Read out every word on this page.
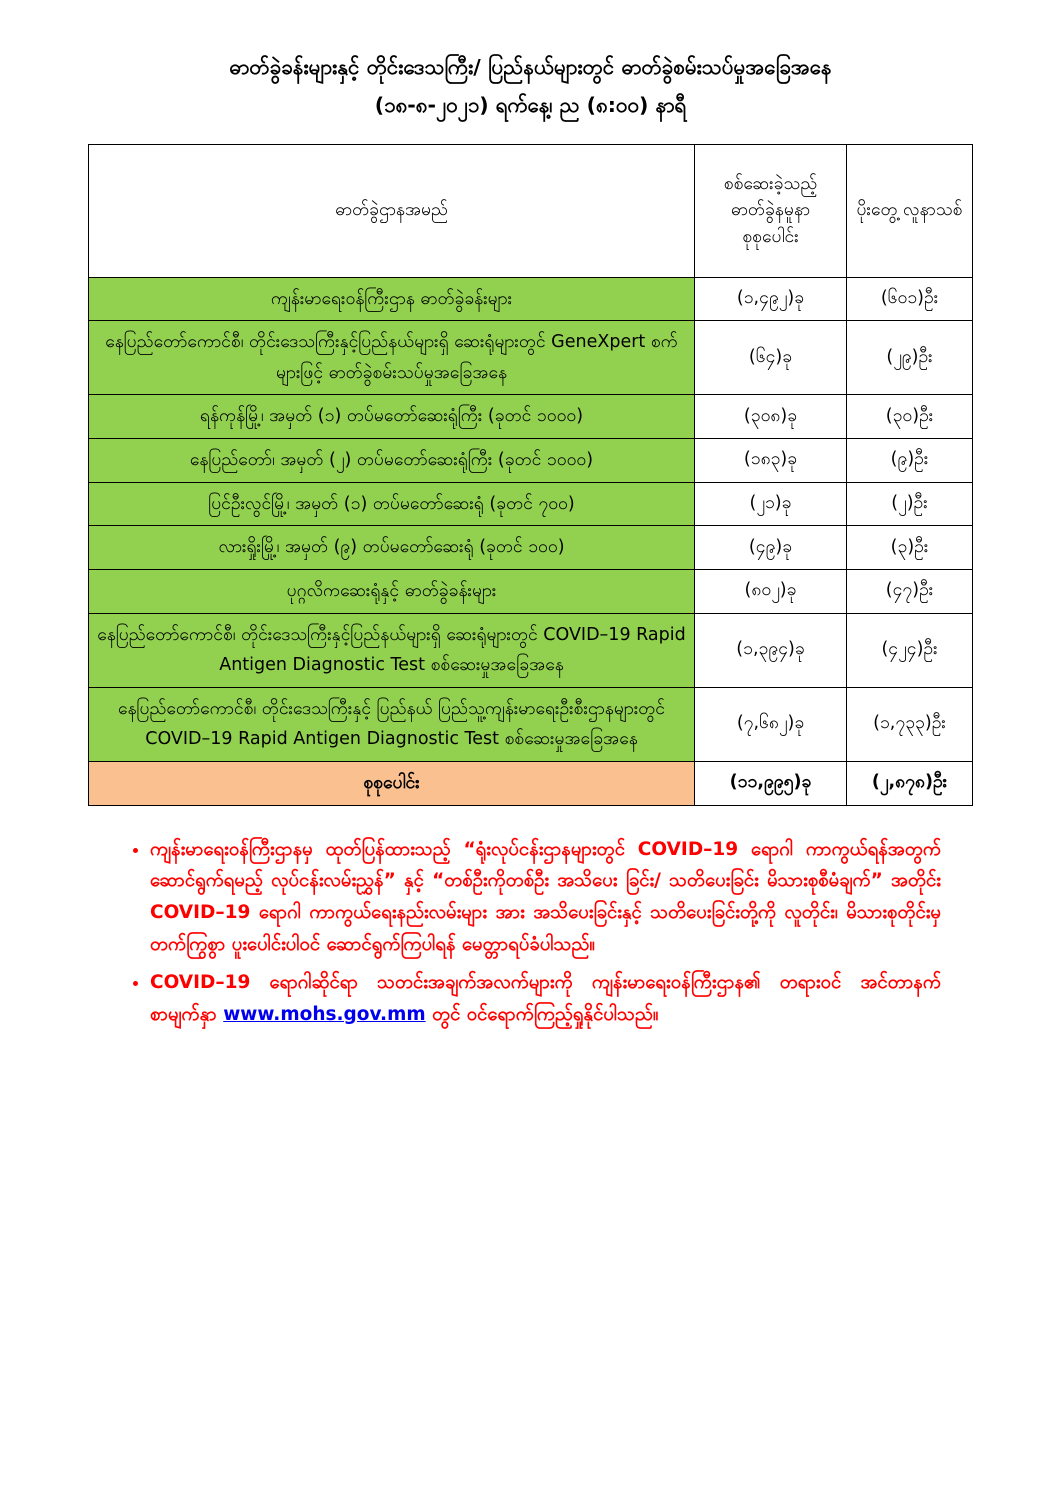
ဓာတ်ခွဲခန်းများနှင့် တိုင်းဒေသကြီး/ ပြည်နယ်များတွင် ဓာတ်ခွဲစမ်းသပ်မှုအခြေအနေ
(၁၈-၈-၂၀၂၁) ရက်နေ့၊ ည (၈:၀၀) နာရီ
ဓာတ်ခွဲဌာနအမည်	စစ်ဆေးခဲ့သည့် ဓာတ်ခွဲနမူနာ စုစုပေါင်း	ပိုးတွေ့ လူနာသစ်
ကျန်းမာရေးဝန်ကြီးဌာန ဓာတ်ခွဲခန်းများ	(၁,၄၉၂)ခု	(၆၀၁)ဦး
နေပြည်တော်ကောင်စီ၊ တိုင်းဒေသကြီးနှင့်ပြည်နယ်များရှိ ဆေးရုံများတွင် GeneXpert စက်များဖြင့် ဓာတ်ခွဲစမ်းသပ်မှုအခြေအနေ	(၆၄)ခု	(၂၉)ဦး
ရန်ကုန်မြို့၊ အမှတ် (၁) တပ်မတော်ဆေးရုံကြီး (ခုတင် ၁၀၀၀)	(၃၀၈)ခု	(၃၀)ဦး
နေပြည်တော်၊ အမှတ် (၂) တပ်မတော်ဆေးရုံကြီး (ခုတင် ၁၀၀၀)	(၁၈၃)ခု	(၉)ဦး
ပြင်ဦးလွင်မြို့၊ အမှတ် (၁) တပ်မတော်ဆေးရုံ (ခုတင် ၇၀၀)	(၂၁)ခု	(၂)ဦး
လားရှိုးမြို့၊ အမှတ် (၉) တပ်မတော်ဆေးရုံ (ခုတင် ၁၀၀)	(၄၉)ခု	(၃)ဦး
ပုဂ္ဂလိကဆေးရုံနှင့် ဓာတ်ခွဲခန်းများ	(၈၀၂)ခု	(၄၇)ဦး
နေပြည်တော်ကောင်စီ၊ တိုင်းဒေသကြီးနှင့်ပြည်နယ်များရှိ ဆေးရုံများတွင် COVID–19 Rapid Antigen Diagnostic Test စစ်ဆေးမှုအခြေအနေ	(၁,၃၉၄)ခု	(၄၂၄)ဦး
နေပြည်တော်ကောင်စီ၊ တိုင်းဒေသကြီးနှင့် ပြည်နယ် ပြည်သူ့ကျန်းမာရေးဦးစီးဌာနများတွင် COVID–19 Rapid Antigen Diagnostic Test စစ်ဆေးမှုအခြေအနေ	(၇,၆၈၂)ခု	(၁,၇၃၃)ဦး
စုစုပေါင်း	(၁၁,၉၉၅)ခု	(၂,၈၇၈)ဦး
• ကျန်းမာရေးဝန်ကြီးဌာနမှ ထုတ်ပြန်ထားသည့် “ရုံးလုပ်ငန်းဌာနများတွင် COVID–19 ရောဂါ ကာကွယ်ရန်အတွက် ဆောင်ရွက်ရမည့် လုပ်ငန်းလမ်းညွှန်” နှင့် “တစ်ဦးကိုတစ်ဦး အသိပေး ခြင်း/ သတိပေးခြင်း မိသားစုစီမံချက်” အတိုင်း COVID–19 ရောဂါ ကာကွယ်ရေးနည်းလမ်းများ အား အသိပေးခြင်းနှင့် သတိပေးခြင်းတို့ကို လူတိုင်း၊ မိသားစုတိုင်းမှ တက်ကြွစွာ ပူးပေါင်းပါဝင် ဆောင်ရွက်ကြပါရန် မေတ္တာရပ်ခံပါသည်။
• COVID–19 ရောဂါဆိုင်ရာ သတင်းအချက်အလက်များကို ကျန်းမာရေးဝန်ကြီးဌာန၏ တရားဝင် အင်တာနက်စာမျက်နှာ www.mohs.gov.mm တွင် ဝင်ရောက်ကြည့်ရှုနိုင်ပါသည်။
